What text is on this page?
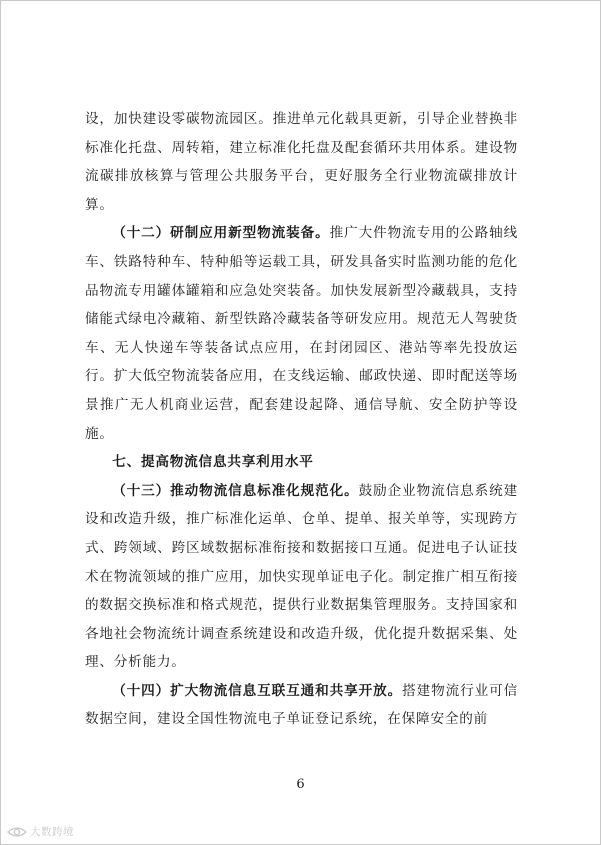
设，加快建设零碳物流园区。推进单元化载具更新，引导企业替换非标准化托盘、周转箱，建立标准化托盘及配套循环共用体系。建设物流碳排放核算与管理公共服务平台，更好服务全行业物流碳排放计算。

（十二）研制应用新型物流装备。推广大件物流专用的公路轴线车、铁路特种车、特种船等运载工具，研发具备实时监测功能的危化品物流专用罐体罐箱和应急处突装备。加快发展新型冷藏载具，支持储能式绿电冷藏箱、新型铁路冷藏装备等研发应用。规范无人驾驶货车、无人快递车等装备试点应用，在封闭园区、港站等率先投放运行。扩大低空物流装备应用，在支线运输、邮政快递、即时配送等场景推广无人机商业运营，配套建设起降、通信导航、安全防护等设施。

七、提高物流信息共享利用水平

（十三）推动物流信息标准化规范化。鼓励企业物流信息系统建设和改造升级，推广标准化运单、仓单、提单、报关单等，实现跨方式、跨领域、跨区域数据标准衔接和数据接口互通。促进电子认证技术在物流领域的推广应用，加快实现单证电子化。制定推广相互衔接的数据交换标准和格式规范，提供行业数据集管理服务。支持国家和各地社会物流统计调查系统建设和改造升级，优化提升数据采集、处理、分析能力。

（十四）扩大物流信息互联互通和共享开放。搭建物流行业可信数据空间，建设全国性物流电子单证登记系统，在保障安全的前

6
大数跨境
